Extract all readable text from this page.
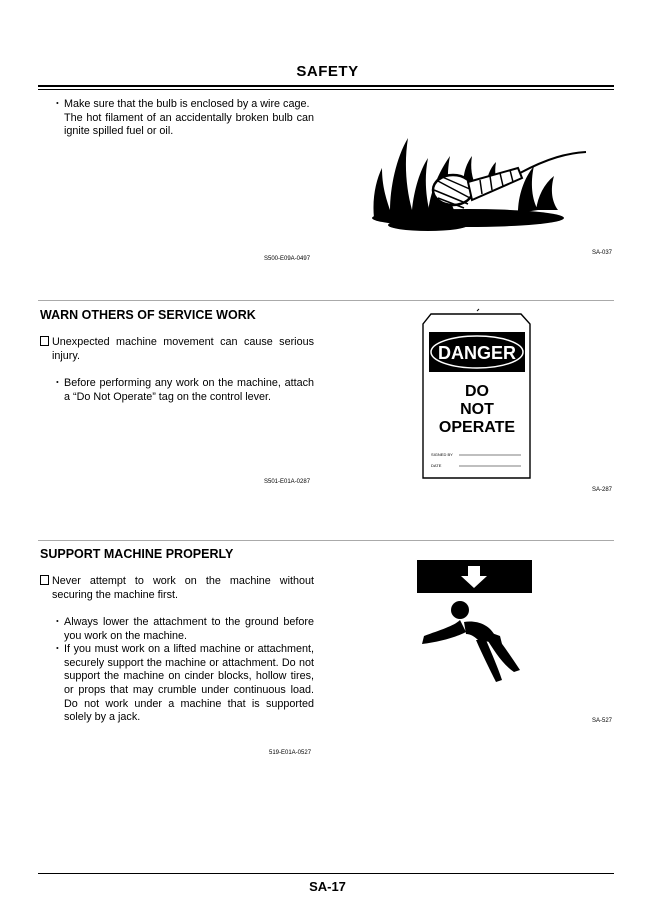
SAFETY
・ Make sure that the bulb is enclosed by a wire cage.
The hot filament of an accidentally broken bulb can ignite spilled fuel or oil.
S500-E09A-0497
SA-037
WARN OTHERS OF SERVICE WORK
Unexpected machine movement can cause serious injury.
・ Before performing any work on the machine, attach a “Do Not Operate” tag on the control lever.
S501-E01A-0287
DANGER
DO
NOT
OPERATE
SIGNED BY
DATE
SA-287
SUPPORT MACHINE PROPERLY
Never attempt to work on the machine without securing the machine first.
・ Always lower the attachment to the ground before you work on the machine.
・ If you must work on a lifted machine or attachment, securely support the machine or attachment. Do not support the machine on cinder blocks, hollow tires, or props that may crumble under continuous load. Do not work under a machine that is supported solely by a jack.
519-E01A-0527
SA-527
SA-17
